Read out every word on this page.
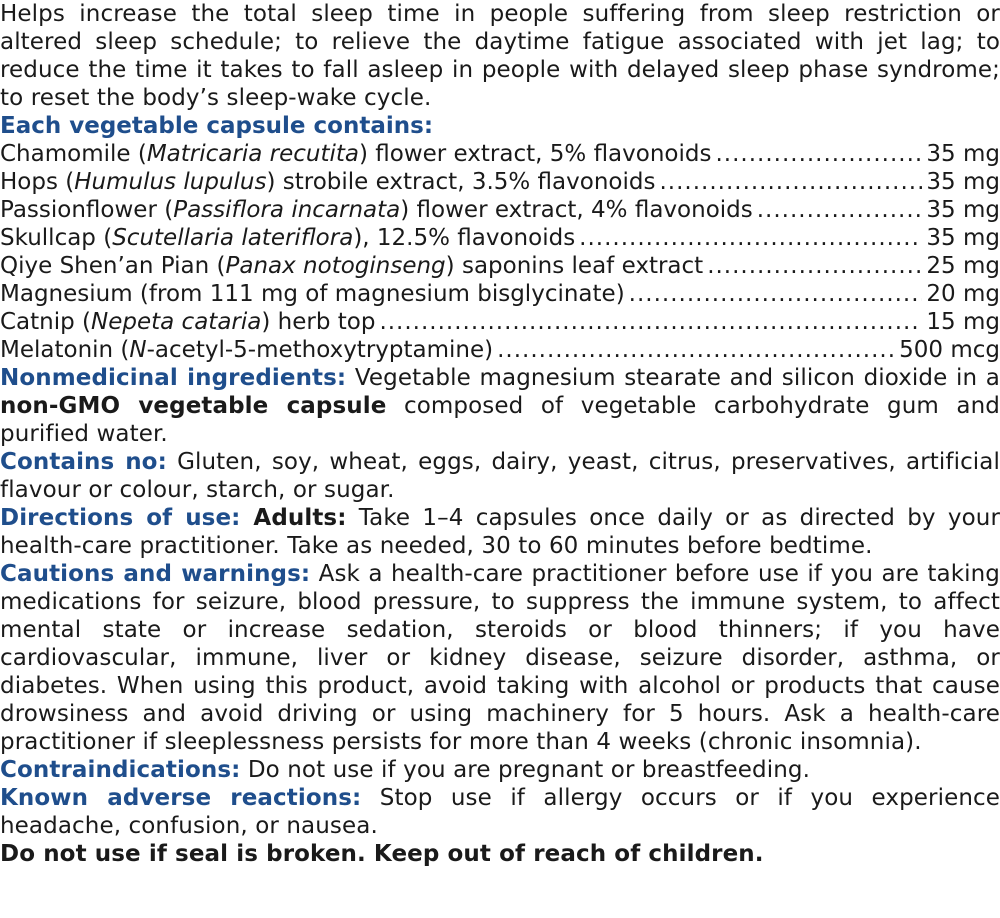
Helps increase the total sleep time in people suffering from sleep restriction or altered sleep schedule; to relieve the daytime fatigue associated with jet lag; to reduce the time it takes to fall asleep in people with delayed sleep phase syndrome; to reset the body’s sleep-wake cycle.

Each vegetable capsule contains:
Chamomile (Matricaria recutita) flower extract, 5% flavonoids .....	35 mg
Hops (Humulus lupulus) strobile extract, 3.5% flavonoids .....	35 mg
Passionflower (Passiflora incarnata) flower extract, 4% flavonoids .....	35 mg
Skullcap (Scutellaria lateriflora), 12.5% flavonoids .....	35 mg
Qiye Shen’an Pian (Panax notoginseng) saponins leaf extract .....	25 mg
Magnesium (from 111 mg of magnesium bisglycinate) .....	20 mg
Catnip (Nepeta cataria) herb top .....	15 mg
Melatonin (N-acetyl-5-methoxytryptamine) .....	500 mcg

Nonmedicinal ingredients: Vegetable magnesium stearate and silicon dioxide in a non-GMO vegetable capsule composed of vegetable carbohydrate gum and purified water.

Contains no: Gluten, soy, wheat, eggs, dairy, yeast, citrus, preservatives, artificial flavour or colour, starch, or sugar.

Directions of use: Adults: Take 1–4 capsules once daily or as directed by your health-care practitioner. Take as needed, 30 to 60 minutes before bedtime.

Cautions and warnings: Ask a health-care practitioner before use if you are taking medications for seizure, blood pressure, to suppress the immune system, to affect mental state or increase sedation, steroids or blood thinners; if you have cardiovascular, immune, liver or kidney disease, seizure disorder, asthma, or diabetes. When using this product, avoid taking with alcohol or products that cause drowsiness and avoid driving or using machinery for 5 hours. Ask a health-care practitioner if sleeplessness persists for more than 4 weeks (chronic insomnia).

Contraindications: Do not use if you are pregnant or breastfeeding.

Known adverse reactions: Stop use if allergy occurs or if you experience headache, confusion, or nausea.

Do not use if seal is broken. Keep out of reach of children.
